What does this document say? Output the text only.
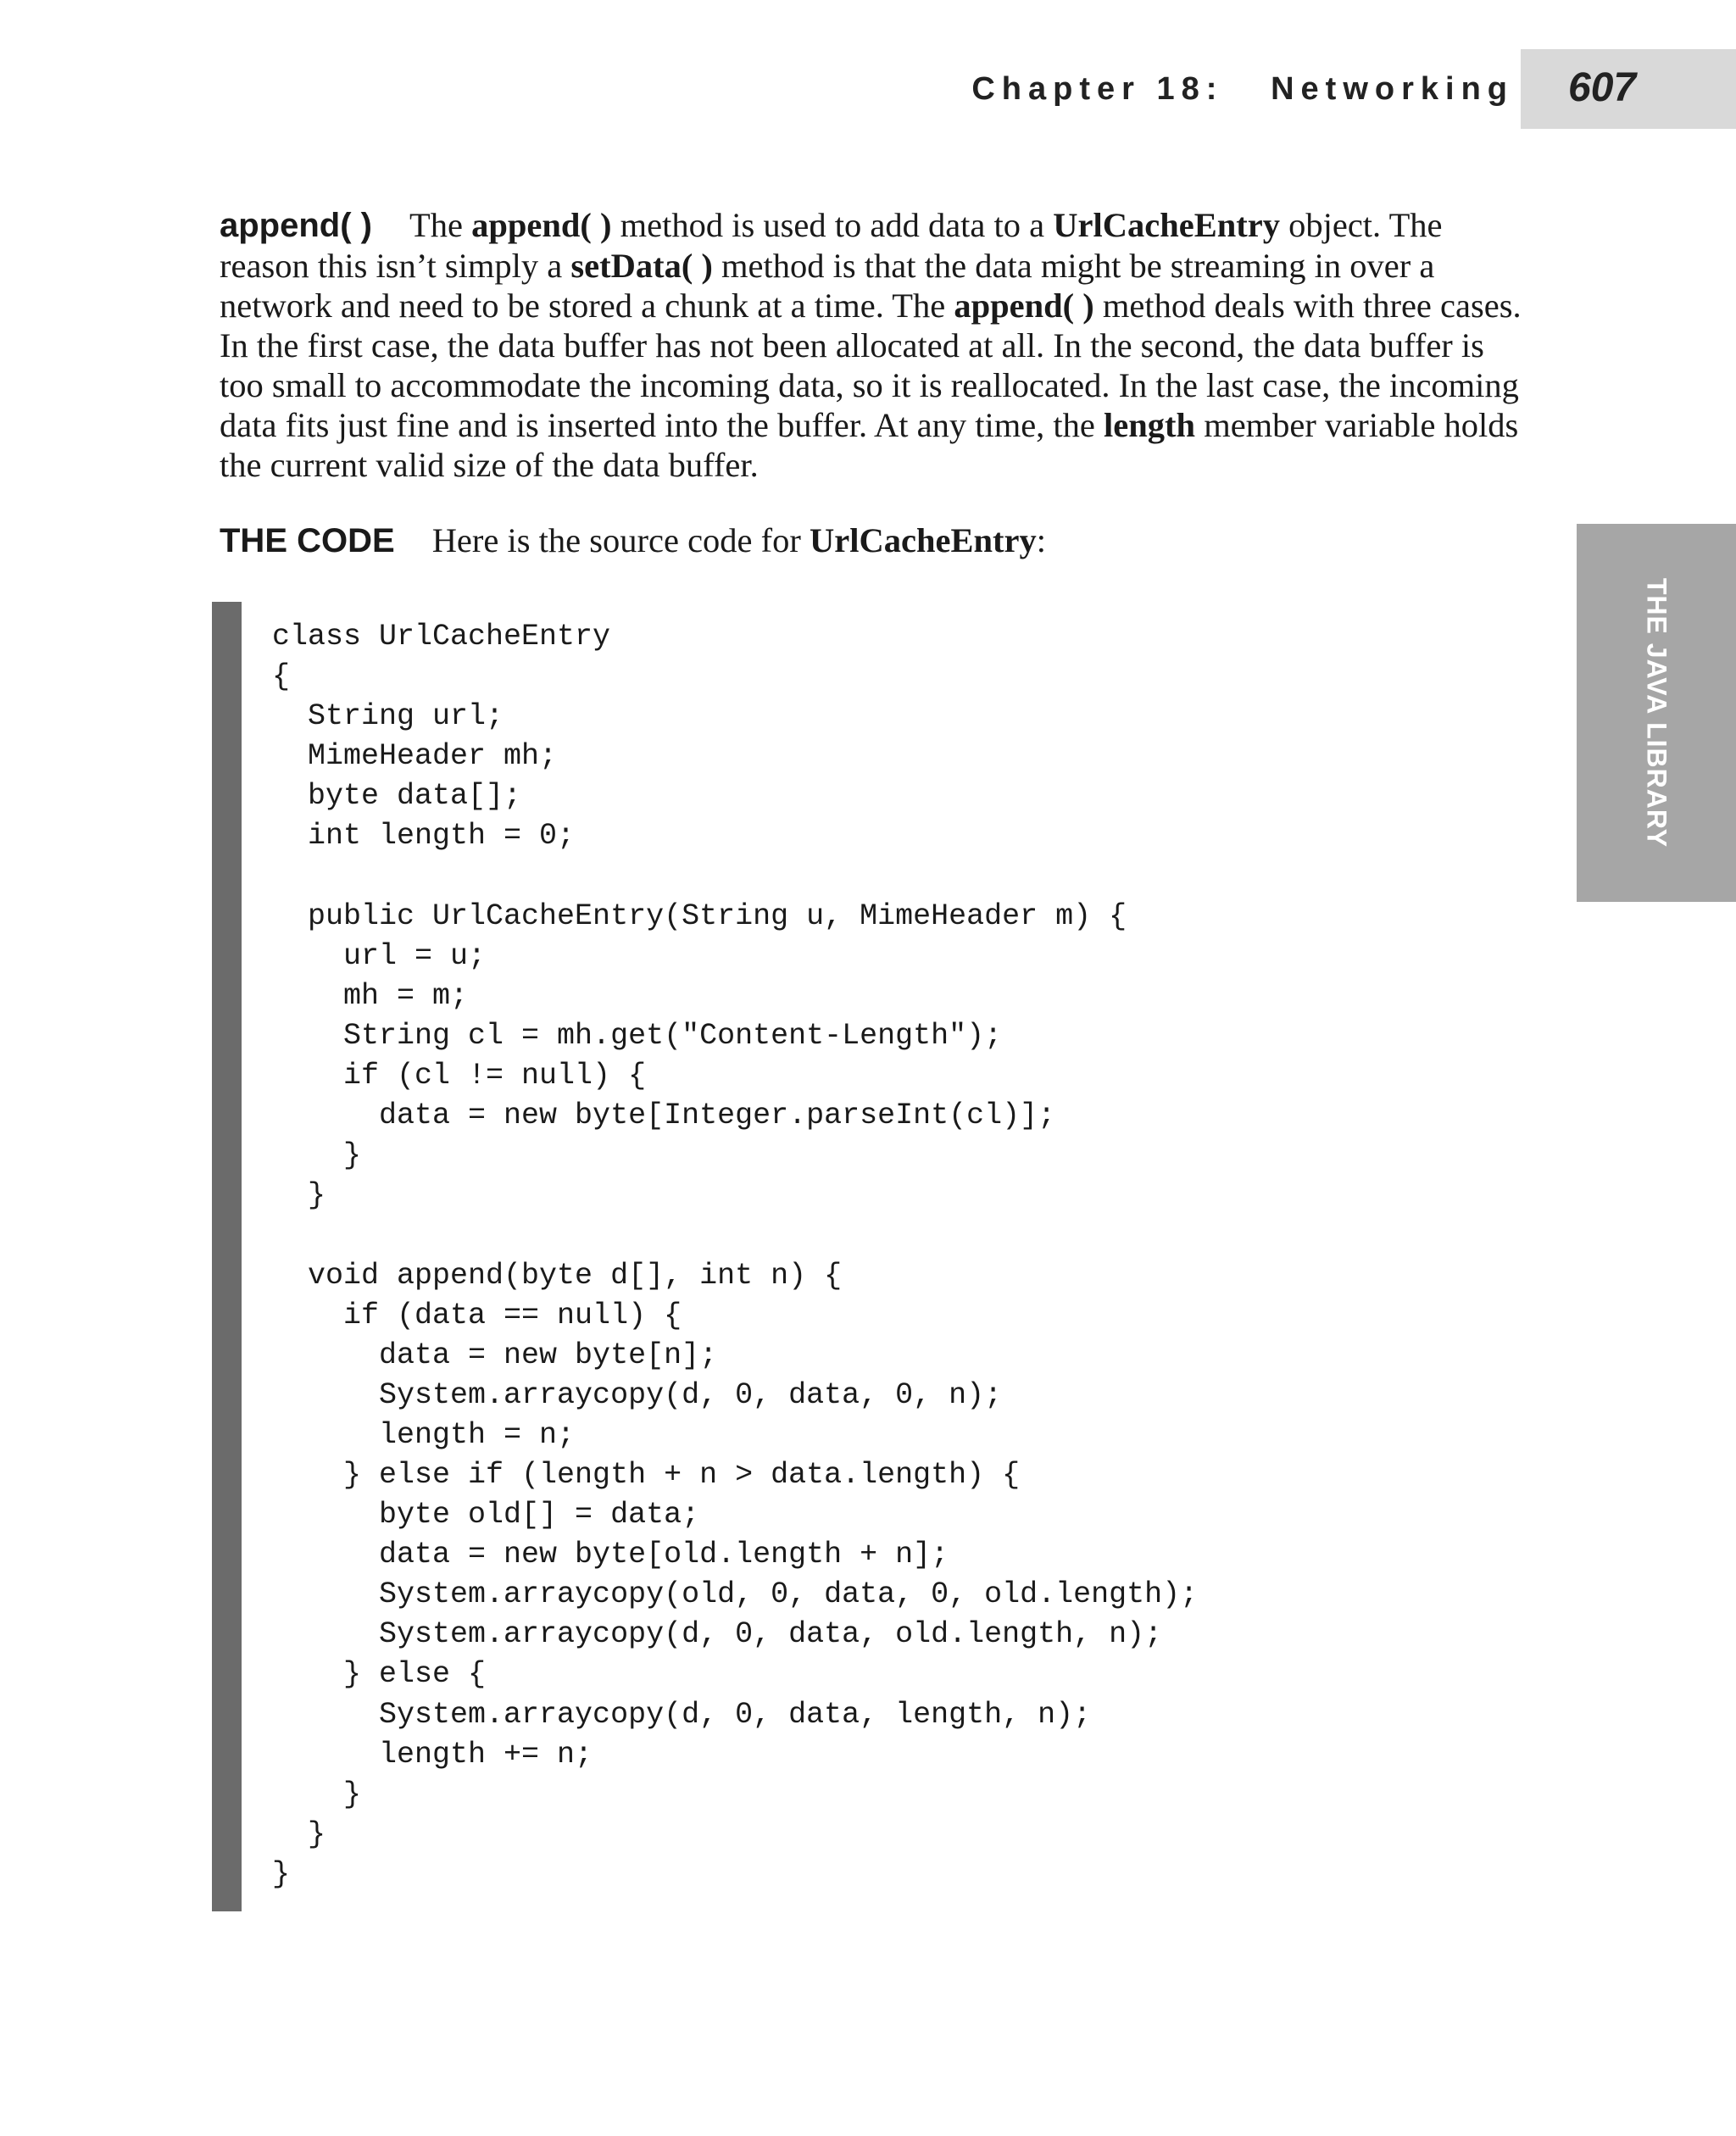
Chapter 18:   Networking 607
THE JAVA LIBRARY

append( ) The append( ) method is used to add data to a UrlCacheEntry object. The reason this isn’t simply a setData( ) method is that the data might be streaming in over a network and need to be stored a chunk at a time. The append( ) method deals with three cases. In the first case, the data buffer has not been allocated at all. In the second, the data buffer is too small to accommodate the incoming data, so it is reallocated. In the last case, the incoming data fits just fine and is inserted into the buffer. At any time, the length member variable holds the current valid size of the data buffer.

THE CODE Here is the source code for UrlCacheEntry:
class UrlCacheEntry
{
String url;
MimeHeader mh;
byte data[];
int length = 0;
public UrlCacheEntry(String u, MimeHeader m) {
url = u;
mh = m;
String cl = mh.get("Content-Length");
if (cl != null) {
data = new byte[Integer.parseInt(cl)];
}
}
void append(byte d[], int n) {
if (data == null) {
data = new byte[n];
System.arraycopy(d, 0, data, 0, n);
length = n;
} else if (length + n > data.length) {
byte old[] = data;
data = new byte[old.length + n];
System.arraycopy(old, 0, data, 0, old.length);
System.arraycopy(d, 0, data, old.length, n);
} else {
System.arraycopy(d, 0, data, length, n);
length += n;
}
}
}
